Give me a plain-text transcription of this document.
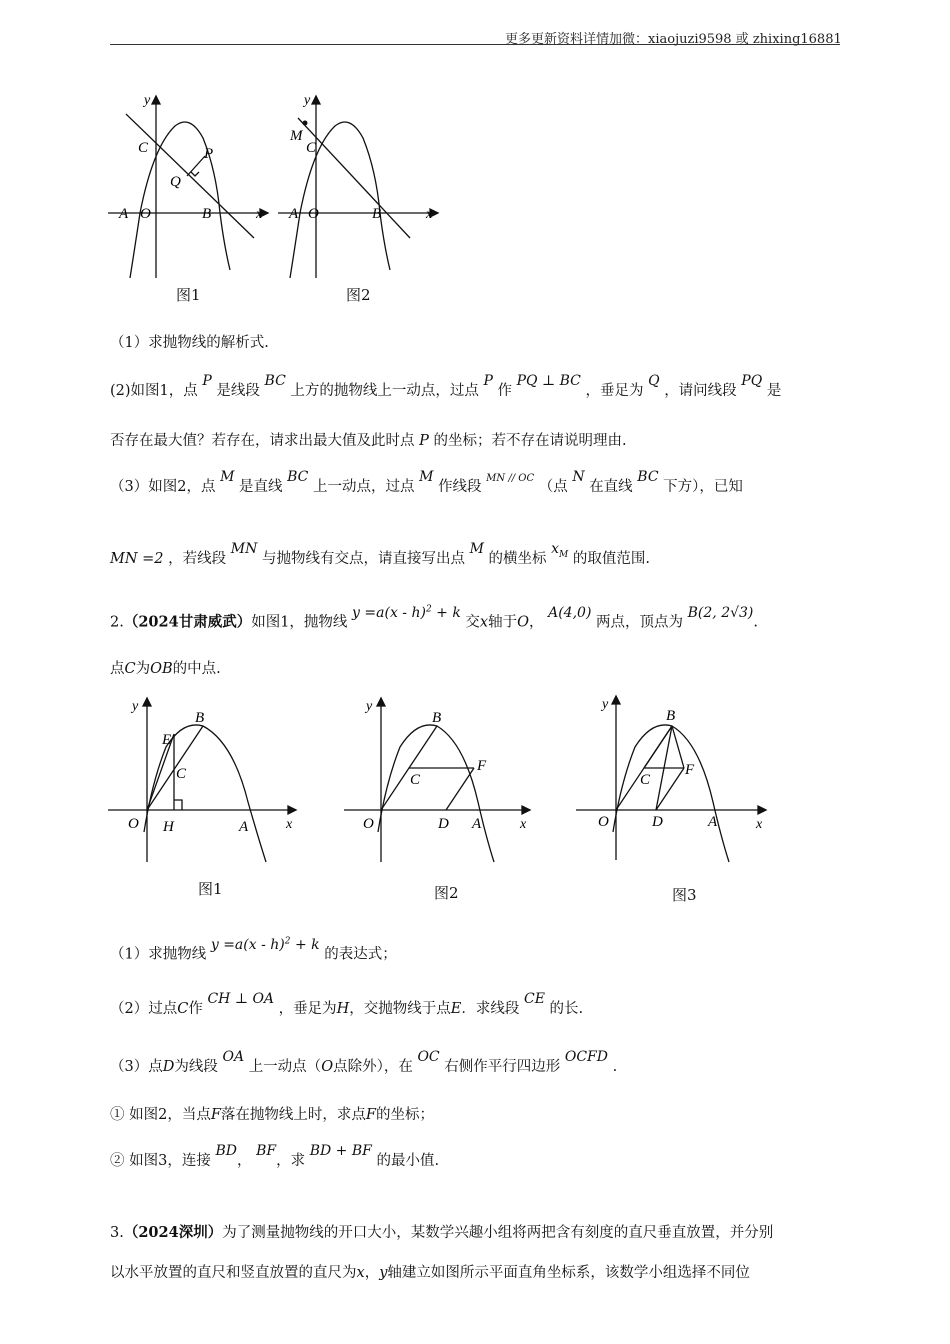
更多更新资料详情加微：xiaojuzi9598 或 zhixing16881
y
x
C	P
Q
A O	B
图1
y
x
M
C
A O	B
图2
（1）求抛物线的解析式.
(2)如图1，点 P 是线段 BC 上方的抛物线上一动点，过点 P 作 PQ ⊥ BC ，垂足为 Q ，请问线段 PQ 是
否存在最大值？若存在，请求出最大值及此时点 P 的坐标；若不存在请说明理由.
（3）如图2，点 M 是直线 BC 上一动点，过点 M 作线段 $^{MN // OC}$ （点 N 在直线 BC 下方），已知
MN =2 ，若线段 MN 与抛物线有交点，请直接写出点 M 的横坐标 $x_M$ 的取值范围.
2.（2024甘肃威武）如图1，抛物线 y =a(x - h)$^2$ + k 交x轴于O， A(4,0) 两点，顶点为 B(2, 2√3).
点C为OB的中点.
y
x
O
E
B
C
H	A
图1
y
x
O
B
C
F
D A
图2
y
x
O
B
C
F
D	A
图3
（1）求抛物线 y =a(x - h)$^2$ + k 的表达式；
（2）过点C作 CH ⊥ OA ，垂足为H，交抛物线于点E．求线段 CE 的长.
（3）点D为线段 OA 上一动点（O点除外），在 OC 右侧作平行四边形 OCFD .
① 如图2，当点F落在抛物线上时，求点F的坐标；
② 如图3，连接 BD， BF，求 BD + BF 的最小值.
3.（2024深圳）为了测量抛物线的开口大小，某数学兴趣小组将两把含有刻度的直尺垂直放置，并分别
以水平放置的直尺和竖直放置的直尺为x，y轴建立如图所示平面直角坐标系，该数学小组选择不同位
